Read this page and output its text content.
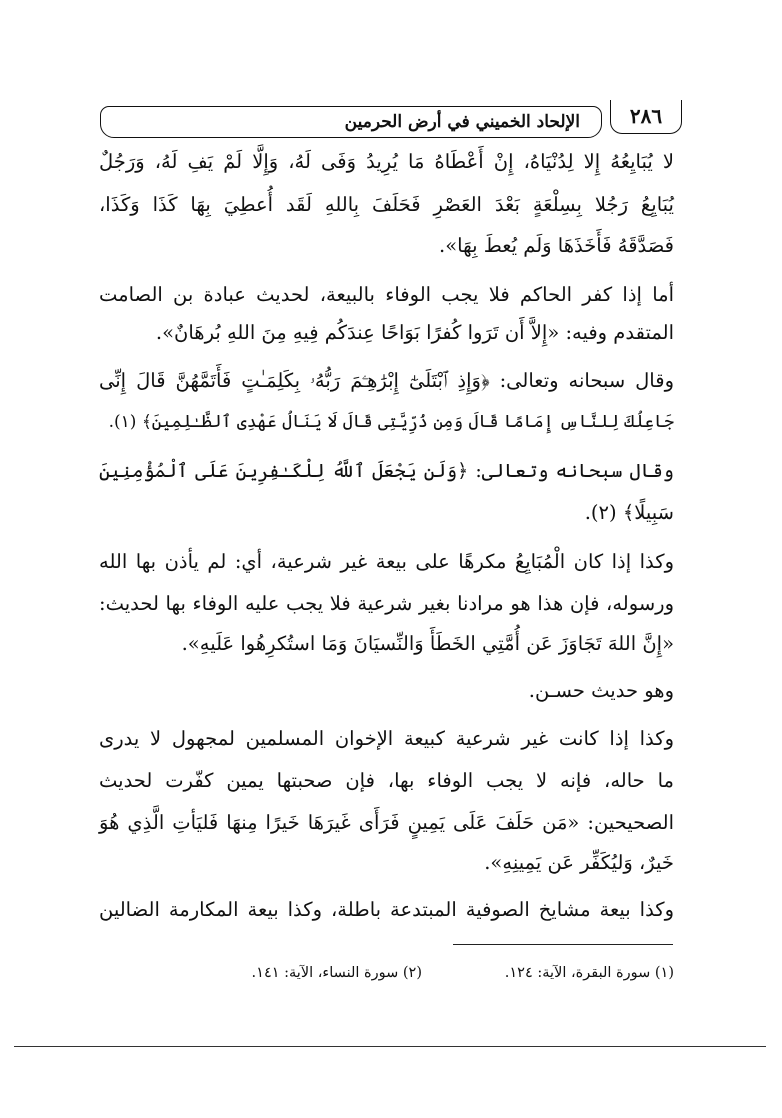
الإلحاد الخميني في أرض الحرمين	٢٨٦
لا يُبَايِعُهُ إِلا لِدُنْيَاهُ، إِنْ أَعْطَاهُ مَا يُرِيدُ وَفَى لَهُ، وَإِلَّا لَمْ يَفِ لَهُ، وَرَجُلٌ
يُبَايِعُ رَجُلا بِسِلْعَةٍ بَعْدَ العَصْرِ فَحَلَفَ بِاللهِ لَقَد أُعطِيَ بِهَا كَذَا وَكَذَا،
فَصَدَّقَهُ فَأَخَذَهَا وَلَم يُعطَ بِهَا».
أما إذا كفر الحاكم فلا يجب الوفاء بالبيعة، لحديث عبادة بن الصامت
المتقدم وفيه: «إِلاَّ أَن تَرَوا كُفرًا بَوَاحًا عِندَكُم فِيهِ مِنَ اللهِ بُرهَانٌ».
وقال سبحانه وتعالى: ﴿وَإِذِ ٱبْتَلَىٰٓ إِبْرَٰهِـۧمَ رَبُّهُۥ بِكَلِمَـٰتٍ فَأَتَمَّهُنَّ قَالَ إِنِّى
جَاعِلُكَ لِلنَّاسِ إِمَامًا قَالَ وَمِن ذُرِّيَّتِى قَالَ لَا يَنَالُ عَهْدِى ٱلظَّـٰلِمِينَ﴾ (١).
وقال سبحانه وتعالى: ﴿وَلَن يَجْعَلَ ٱللَّهُ لِلْكَـٰفِرِينَ عَلَى ٱلْمُؤْمِنِينَ
سَبِيلًا﴾ (٢).
وكذا إذا كان الْمُبَايِعُ مكرهًا على بيعة غير شرعية، أي: لم يأذن بها الله
ورسوله، فإن هذا هو مرادنا بغير شرعية فلا يجب عليه الوفاء بها لحديث:
«إِنَّ اللهَ تَجَاوَزَ عَن أُمَّتِي الخَطَأَ وَالنِّسيَانَ وَمَا استُكرِهُوا عَلَيهِ».
وهو حديث حسـن.
وكذا إذا كانت غير شرعية كبيعة الإخوان المسلمين لمجهول لا يدرى
ما حاله، فإنه لا يجب الوفاء بها، فإن صحبتها يمين كفّرت لحديث
الصحيحين: «مَن حَلَفَ عَلَى يَمِينٍ فَرَأَى غَيرَهَا خَيرًا مِنهَا فَليَأتِ الَّذِي هُوَ
خَيرٌ، وَليُكَفِّر عَن يَمِينِهِ».
وكذا بيعة مشايخ الصوفية المبتدعة باطلة، وكذا بيعة المكارمة الضالين
(١) سورة البقرة، الآية: ١٢٤.
(٢) سورة النساء، الآية: ١٤١.
